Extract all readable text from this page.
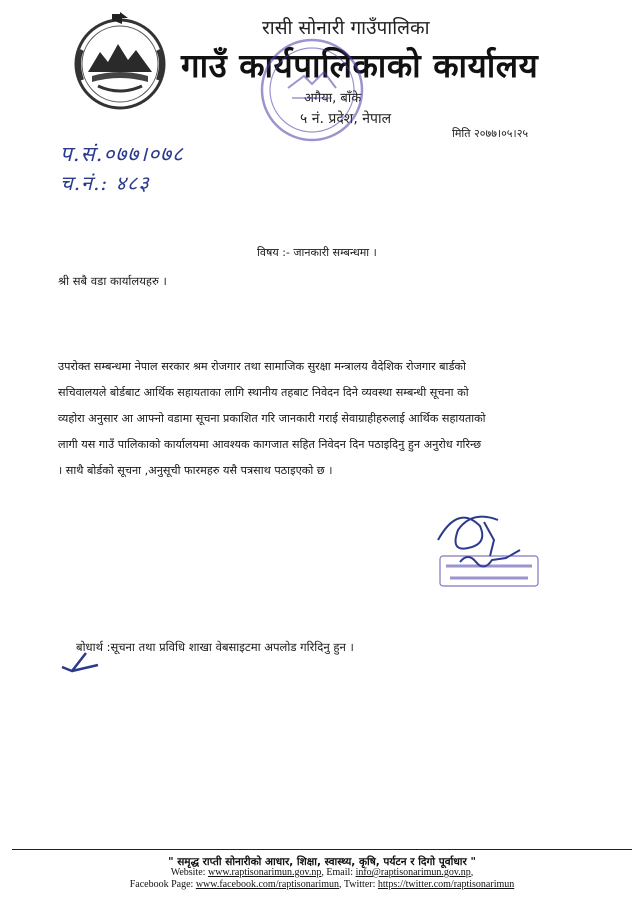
रासी सोनारी गाउँपालिका
गाउँ कार्यपालिकाको कार्यालय
अगैया, बाँके
५ नं. प्रदेश, नेपाल
मिति २०७७।०५।२५
प.सं.०७७।०७८
च.नं.: ४८३
विषय :- जानकारी सम्बन्धमा ।
श्री सबै वडा कार्यालयहरु ।

उपरोक्त सम्बन्धमा नेपाल सरकार श्रम रोजगार तथा सामाजिक सुरक्षा मन्त्रालय वैदेशिक रोजगार बार्डको

सचिवालयले बोर्डबाट आर्थिक सहायताका लागि स्थानीय तहबाट निवेदन दिने व्यवस्था सम्बन्धी सूचना को

व्यहोरा अनुसार आ आफ्नो वडामा सूचना प्रकाशित गरि जानकारी गराई सेवाग्राहीहरुलाई आर्थिक सहायताको

लागी यस गाउँ पालिकाको कार्यालयमा आवश्यक कागजात सहित निवेदन दिन पठाइदिनु हुन अनुरोध गरिन्छ

। साथै बोर्डको सूचना ,अनुसूची फारमहरु यसै पत्रसाथ पठाइएको छ ।

बोधार्थ :सूचना तथा प्रविधि शाखा वेबसाइटमा अपलोड गरिदिनु हुन ।
" समृद्ध राप्ती सोनारीको आधार, शिक्षा, स्वास्थ्य, कृषि, पर्यटन र दिगो पूर्वाधार "
Website: www.raptisonarimun.gov.np, Email: info@raptisonarimun.gov.np,
Facebook Page: www.facebook.com/raptisonarimun, Twitter: https://twitter.com/raptisonarimun
